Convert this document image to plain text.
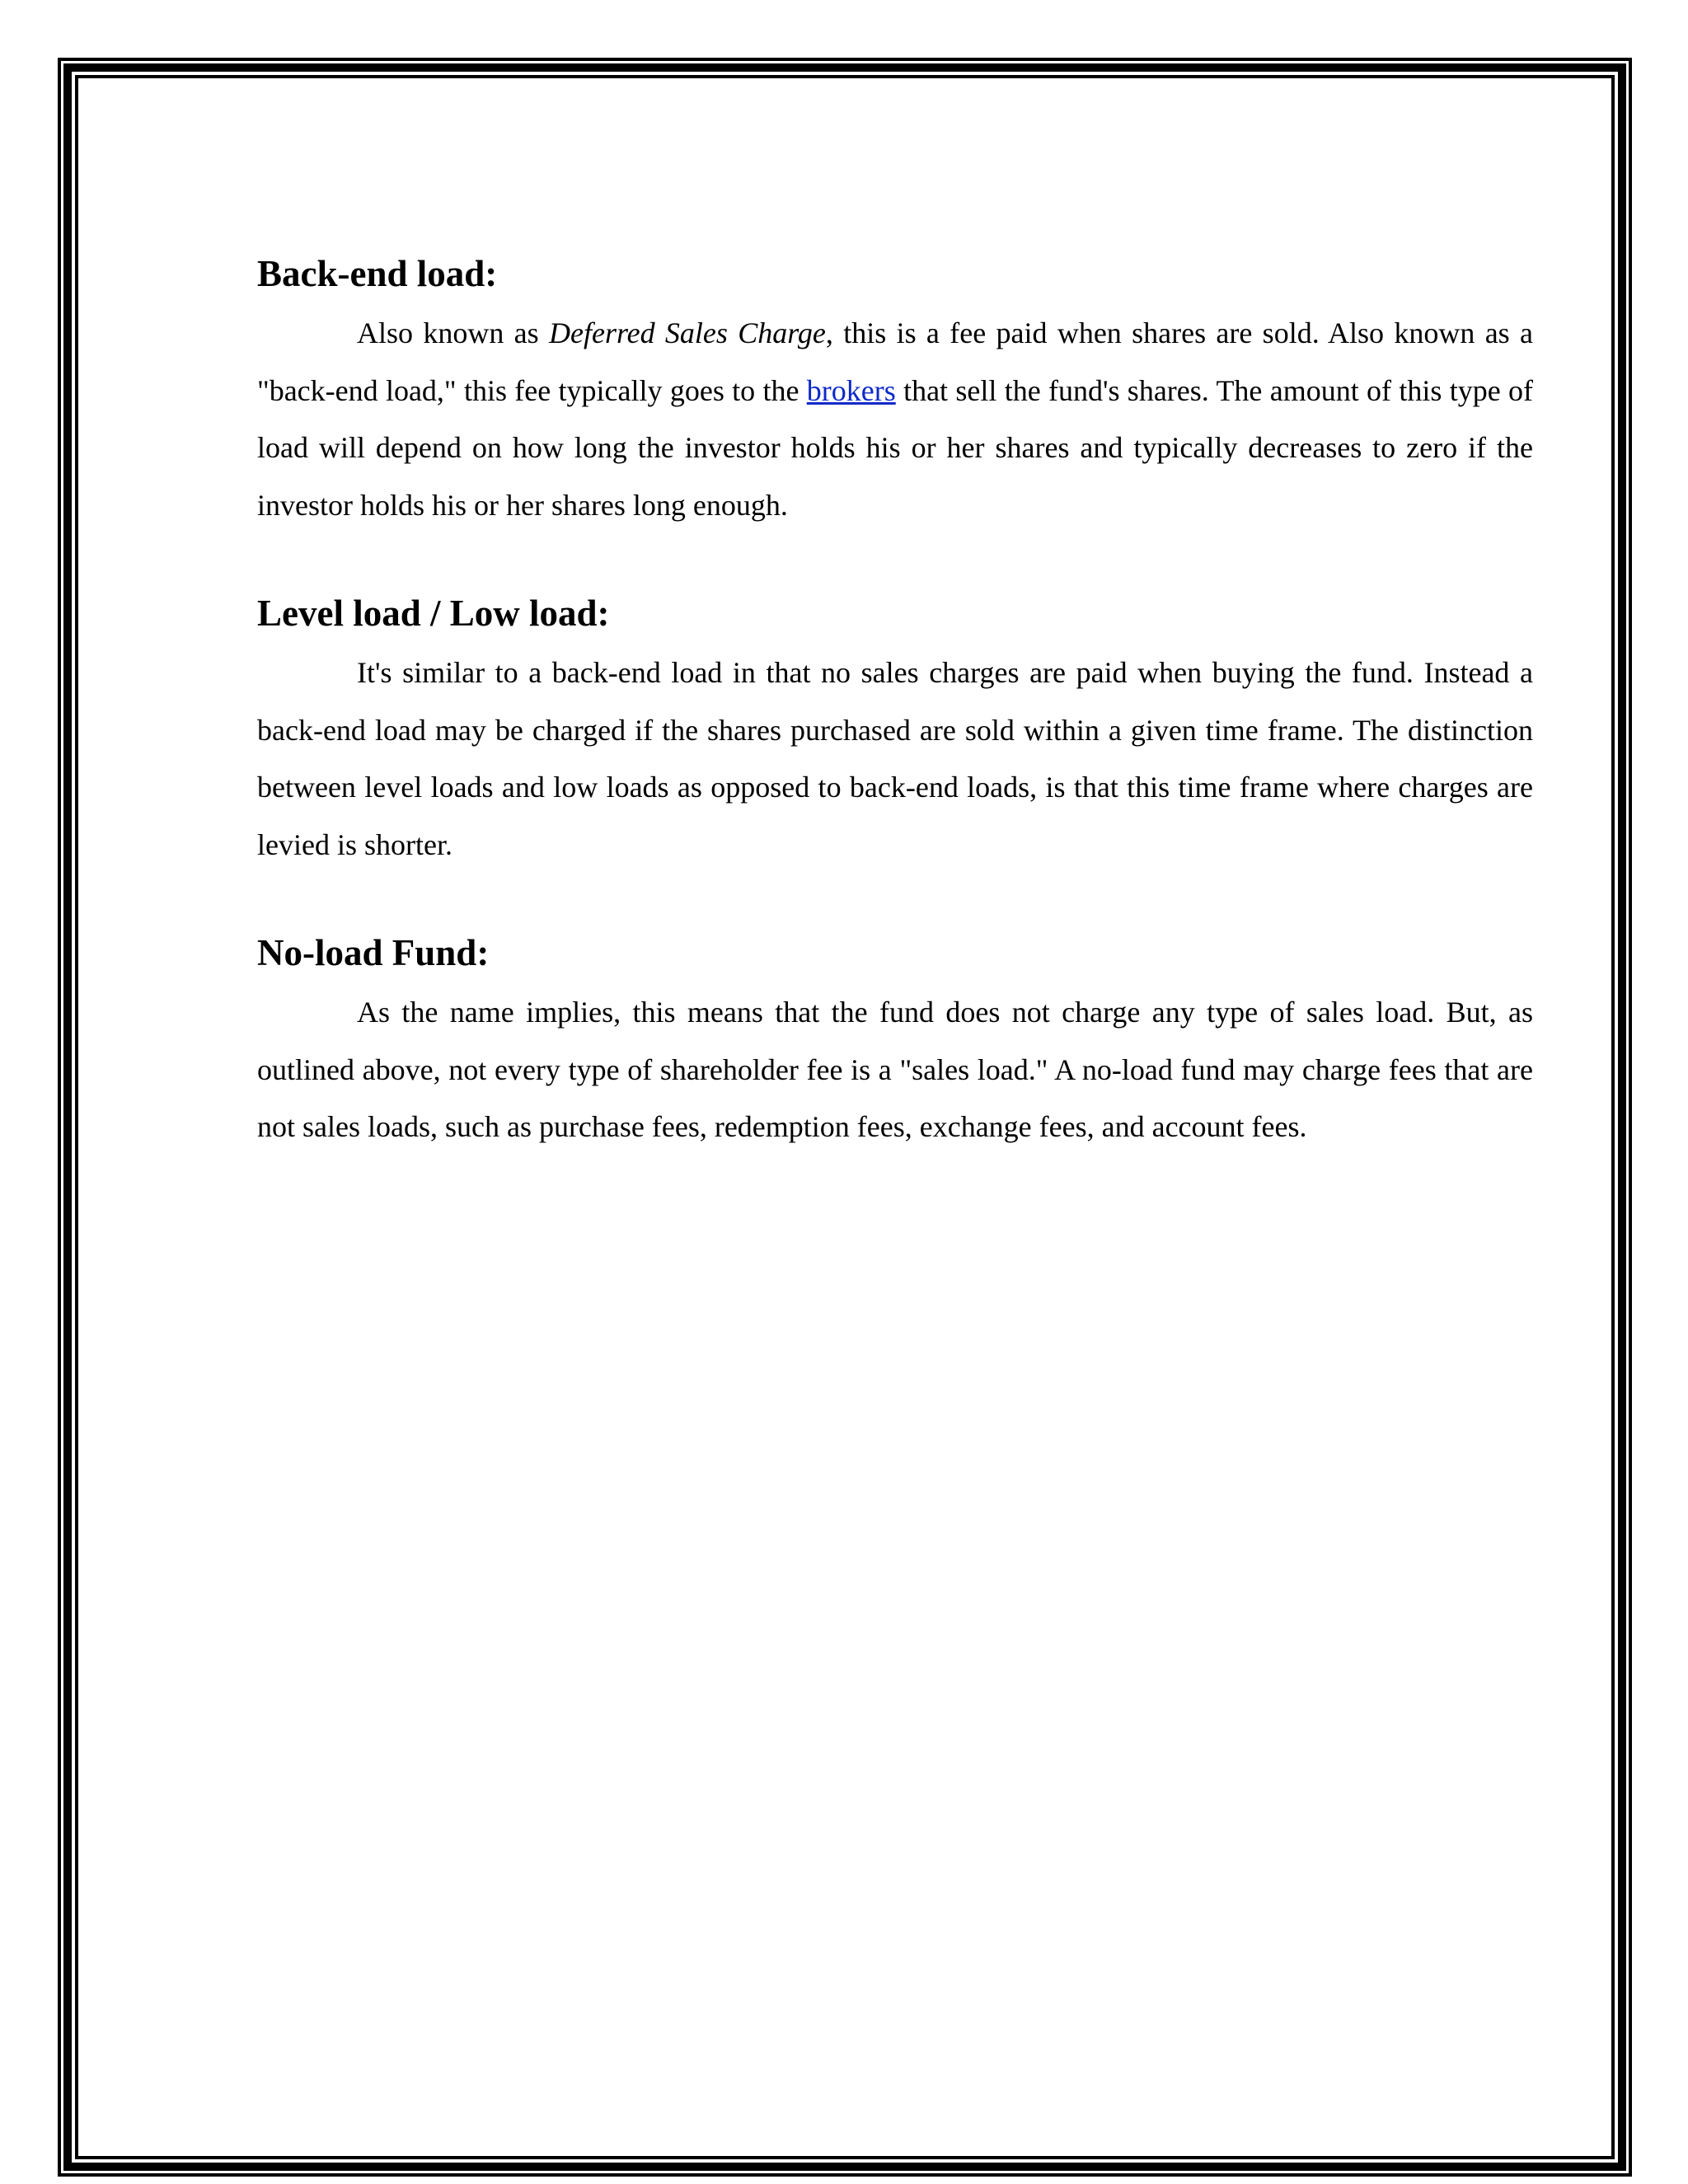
Back-end load:

Also known as Deferred Sales Charge, this is a fee paid when shares are sold. Also known as a "back-end load," this fee typically goes to the brokers that sell the fund's shares. The amount of this type of load will depend on how long the investor holds his or her shares and typically decreases to zero if the investor holds his or her shares long enough.

Level load / Low load:

It's similar to a back-end load in that no sales charges are paid when buying the fund. Instead a back-end load may be charged if the shares purchased are sold within a given time frame. The distinction between level loads and low loads as opposed to back-end loads, is that this time frame where charges are levied is shorter.

No-load Fund:

As the name implies, this means that the fund does not charge any type of sales load. But, as outlined above, not every type of shareholder fee is a "sales load." A no-load fund may charge fees that are not sales loads, such as purchase fees, redemption fees, exchange fees, and account fees.
